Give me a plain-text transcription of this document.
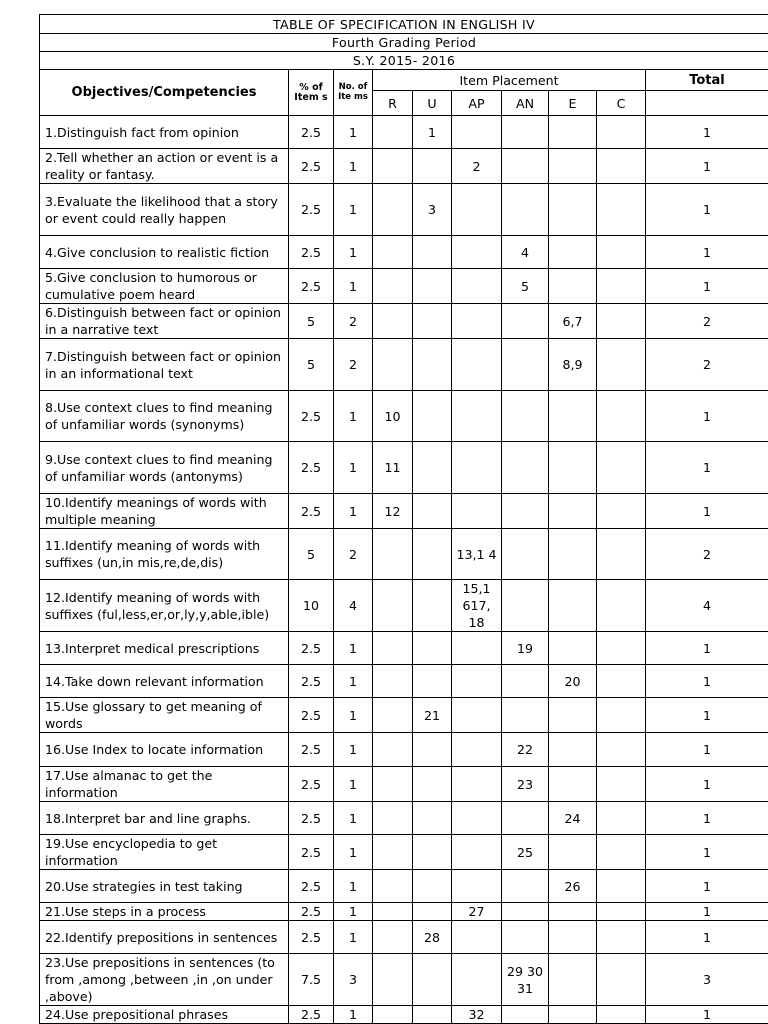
TABLE OF SPECIFICATION IN ENGLISH IV									
Fourth Grading Period									
S.Y. 2015- 2016									
Objectives/Competencies	% of Item s	No. of Ite ms	Item Placement						Total
			R	U	AP	AN	E	C	
1.Distinguish fact from opinion	2.5	1		1					1
2.Tell whether an action or event is a reality or fantasy.	2.5	1			2				1
3.Evaluate the likelihood that a story or event could really happen	2.5	1		3					1
4.Give conclusion to realistic fiction	2.5	1				4			1
5.Give conclusion to humorous or cumulative poem heard	2.5	1				5			1
6.Distinguish between fact or opinion in a narrative text	5	2					6,7		2
7.Distinguish between fact or opinion in an informational text	5	2					8,9		2
8.Use context clues to find meaning of unfamiliar words (synonyms)	2.5	1	10						1
9.Use context clues to find meaning of unfamiliar words (antonyms)	2.5	1	11						1
10.Identify meanings of words with multiple meaning	2.5	1	12						1
11.Identify meaning of words with suffixes (un,in mis,re,de,dis)	5	2			13,1 4				2
12.Identify meaning of words with suffixes (ful,less,er,or,ly,y,able,ible)	10	4			15,1 617, 18				4
13.Interpret medical prescriptions	2.5	1				19			1
14.Take down relevant information	2.5	1					20		1
15.Use glossary to get meaning of words	2.5	1		21					1
16.Use Index to locate information	2.5	1				22			1
17.Use almanac to get the information	2.5	1				23			1
18.Interpret bar and line graphs.	2.5	1					24		1
19.Use encyclopedia to get information	2.5	1				25			1
20.Use strategies in test taking	2.5	1					26		1
21.Use steps in a process	2.5	1			27				1
22.Identify prepositions in sentences	2.5	1		28					1
23.Use prepositions in sentences (to from ,among ,between ,in ,on under ,above)	7.5	3				29 30 31			3
24.Use prepositional phrases	2.5	1			32				1
